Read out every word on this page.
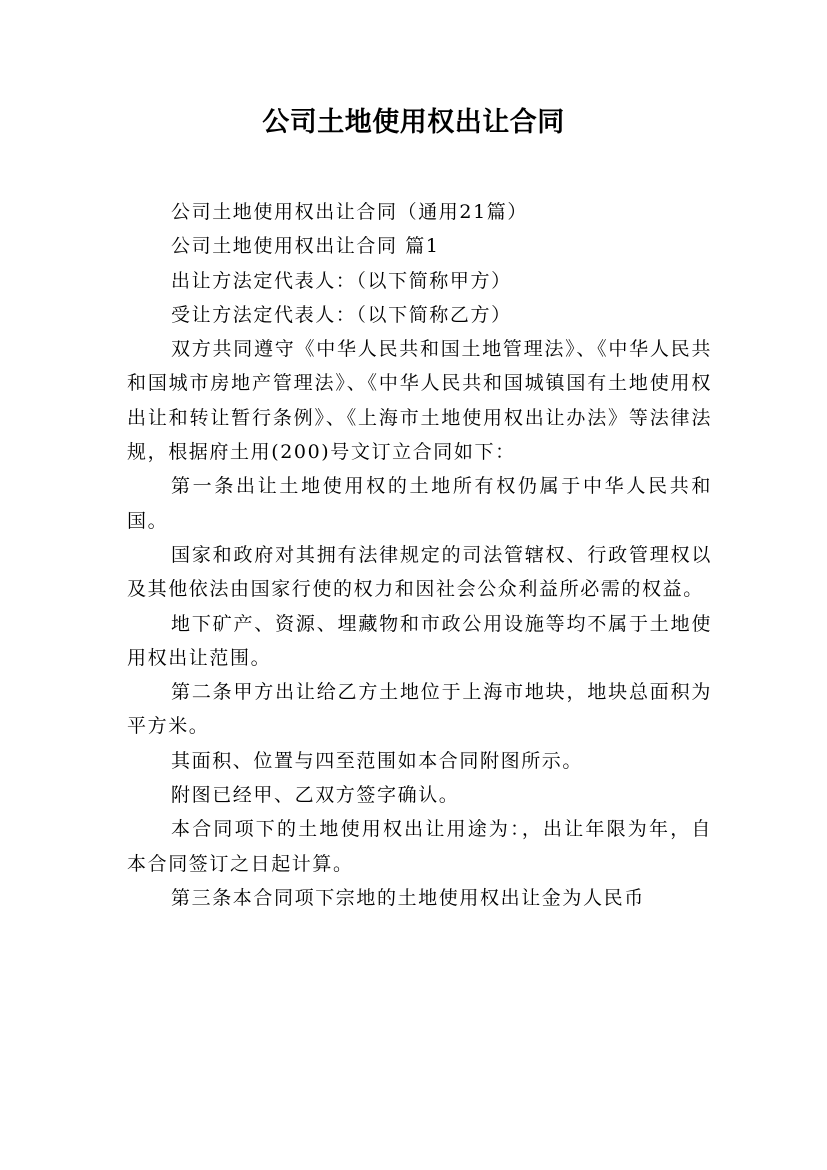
公司土地使用权出让合同

公司土地使用权出让合同（通用21篇）

公司土地使用权出让合同 篇1

出让方法定代表人：（以下简称甲方）

受让方法定代表人：（以下简称乙方）

双方共同遵守《中华人民共和国土地管理法》、《中华人民共和国城市房地产管理法》、《中华人民共和国城镇国有土地使用权出让和转让暂行条例》、《上海市土地使用权出让办法》等法律法规，根据府土用(200)号文订立合同如下：

第一条出让土地使用权的土地所有权仍属于中华人民共和国。

国家和政府对其拥有法律规定的司法管辖权、行政管理权以及其他依法由国家行使的权力和因社会公众利益所必需的权益。

地下矿产、资源、埋藏物和市政公用设施等均不属于土地使用权出让范围。

第二条甲方出让给乙方土地位于上海市地块，地块总面积为平方米。

其面积、位置与四至范围如本合同附图所示。

附图已经甲、乙双方签字确认。

本合同项下的土地使用权出让用途为：，出让年限为年，自本合同签订之日起计算。

第三条本合同项下宗地的土地使用权出让金为人民币
